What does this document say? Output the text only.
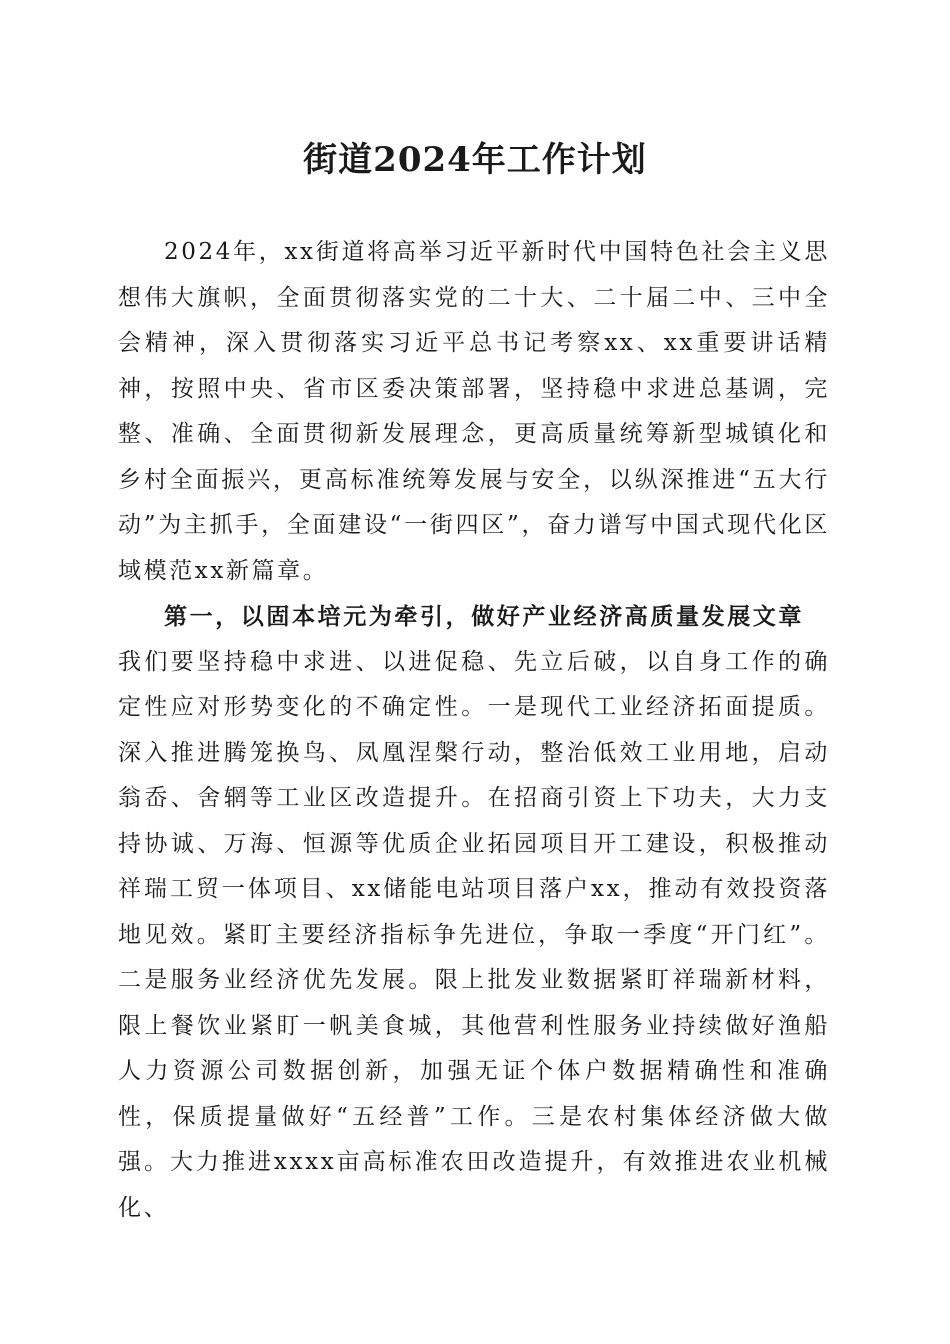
街道2024年工作计划

2024年，xx街道将高举习近平新时代中国特色社会主义思想伟大旗帜，全面贯彻落实党的二十大、二十届二中、三中全会精神，深入贯彻落实习近平总书记考察xx、xx重要讲话精神，按照中央、省市区委决策部署，坚持稳中求进总基调，完整、准确、全面贯彻新发展理念，更高质量统筹新型城镇化和乡村全面振兴，更高标准统筹发展与安全，以纵深推进“五大行动”为主抓手，全面建设“一街四区”，奋力谱写中国式现代化区域模范xx新篇章。

第一，以固本培元为牵引，做好产业经济高质量发展文章

我们要坚持稳中求进、以进促稳、先立后破，以自身工作的确定性应对形势变化的不确定性。一是现代工业经济拓面提质。深入推进腾笼换鸟、凤凰涅槃行动，整治低效工业用地，启动翁岙、舍辋等工业区改造提升。在招商引资上下功夫，大力支持协诚、万海、恒源等优质企业拓园项目开工建设，积极推动祥瑞工贸一体项目、xx储能电站项目落户xx，推动有效投资落地见效。紧盯主要经济指标争先进位，争取一季度“开门红”。二是服务业经济优先发展。限上批发业数据紧盯祥瑞新材料，限上餐饮业紧盯一帆美食城，其他营利性服务业持续做好渔船人力资源公司数据创新，加强无证个体户数据精确性和准确性，保质提量做好“五经普”工作。三是农村集体经济做大做强。大力推进xxxx亩高标准农田改造提升，有效推进农业机械化、
